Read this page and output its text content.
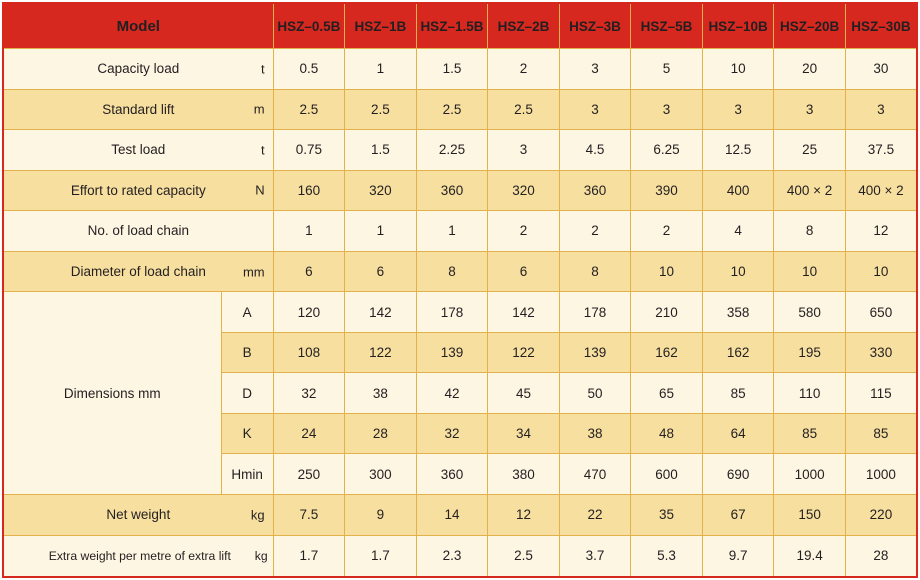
Model		HSZ–0.5B	HSZ–1B	HSZ–1.5B	HSZ–2B	HSZ–3B	HSZ–5B	HSZ–10B	HSZ–20B	HSZ–30B
Capacity load t		0.5	1	1.5	2	3	5	10	20	30
Standard lift m		2.5	2.5	2.5	2.5	3	3	3	3	3
Test load t		0.75	1.5	2.25	3	4.5	6.25	12.5	25	37.5
Effort to rated capacity N		160	320	360	320	360	390	400	400 × 2	400 × 2
No. of load chain		1	1	1	2	2	2	4	8	12
Diameter of load chain mm		6	6	8	6	8	10	10	10	10
Dimensions mm	A	120	142	178	142	178	210	358	580	650
	B	108	122	139	122	139	162	162	195	330
	D	32	38	42	45	50	65	85	110	115
	K	24	28	32	34	38	48	64	85	85
	Hmin	250	300	360	380	470	600	690	1000	1000
Net weight kg		7.5	9	14	12	22	35	67	150	220
Extra weight per metre of extra lift kg		1.7	1.7	2.3	2.5	3.7	5.3	9.7	19.4	28
